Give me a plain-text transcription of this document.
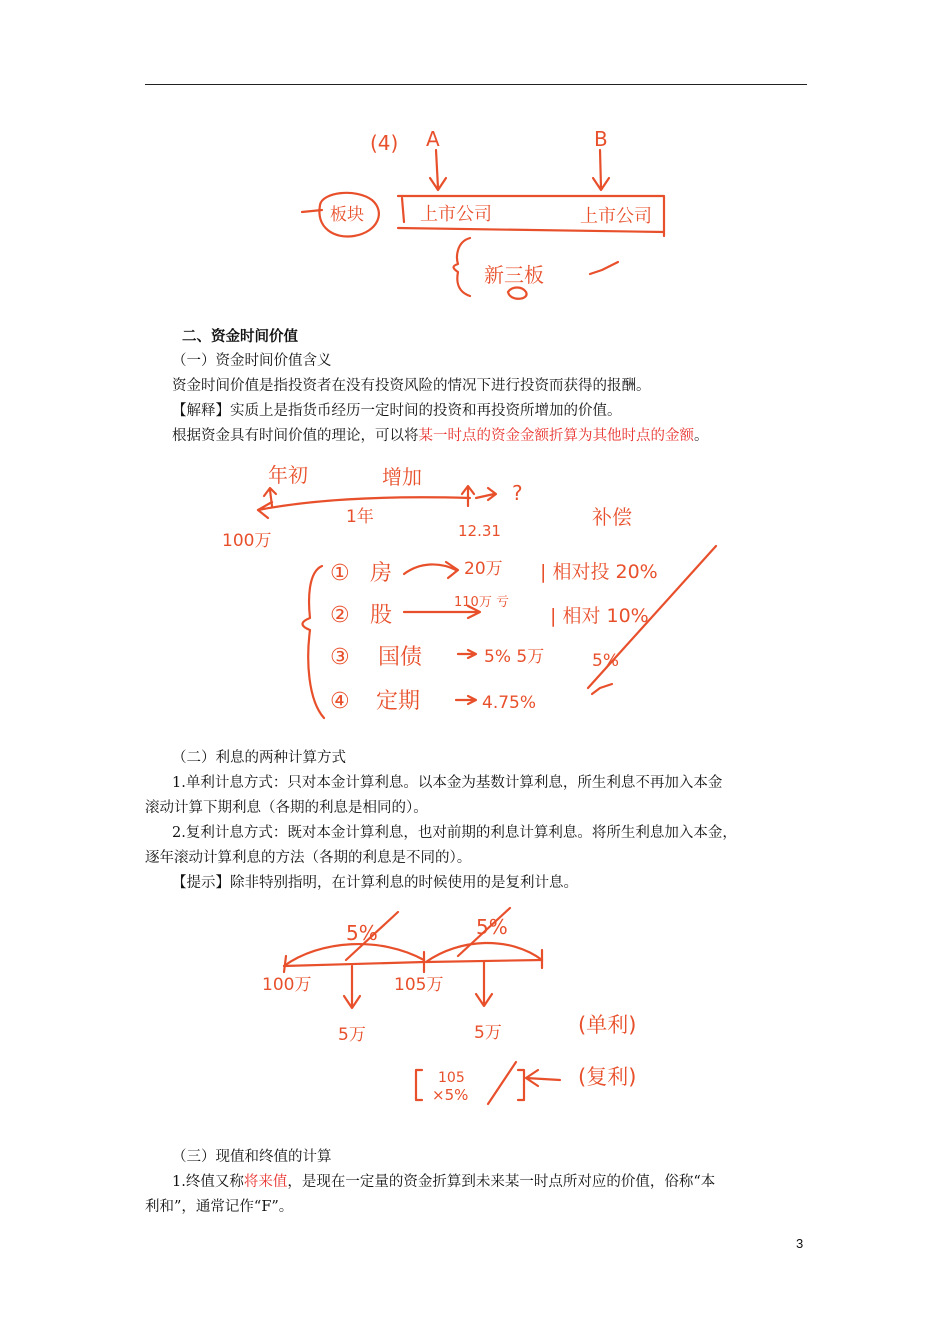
(4) A	B
板块	上市公司	上市公司
新三板
二、资金时间价值
（一）资金时间价值含义
资金时间价值是指投资者在没有投资风险的情况下进行投资而获得的报酬。
【解释】实质上是指货币经历一定时间的投资和再投资所增加的价值。
根据资金具有时间价值的理论，可以将某一时点的资金金额折算为其他时点的金额。
年初	增加
100万
1年
12.31
?
补偿
① 房	20万 | 相对投 20%
② 股
110万 亏
| 相对 10%
③ 国债	5% 5万	5%
④ 定期	4.75%
（二）利息的两种计算方式
1.单利计息方式：只对本金计算利息。以本金为基数计算利息，所生利息不再加入本金
滚动计算下期利息（各期的利息是相同的）。
2.复利计息方式：既对本金计算利息，也对前期的利息计算利息。将所生利息加入本金，
逐年滚动计算利息的方法（各期的利息是不同的）。
【提示】除非特别指明，在计算利息的时候使用的是复利计息。
5%	5%
100万	105万
5万	5万	(单利)
(复利)
105
×5%
（三）现值和终值的计算
1.终值又称将来值，是现在一定量的资金折算到未来某一时点所对应的价值，俗称“本
利和”，通常记作“F”。
3
